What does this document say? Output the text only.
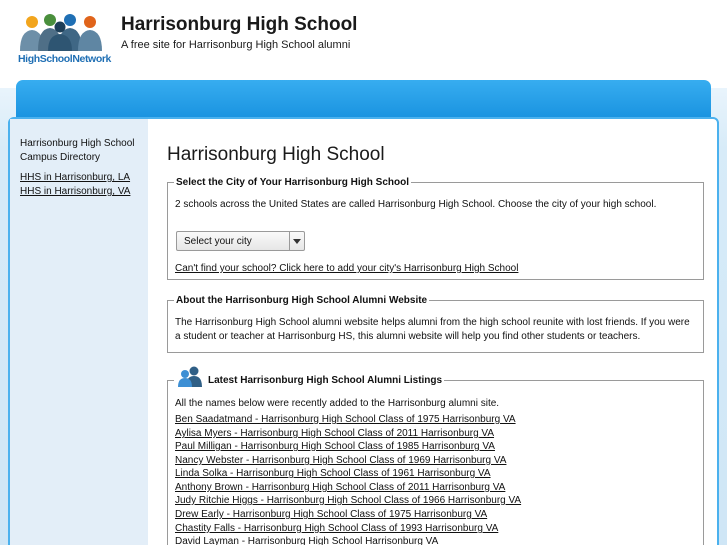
HighSchoolNetwork
Harrisonburg High School
A free site for Harrisonburg High School alumni
Harrisonburg High School Campus Directory
HHS in Harrisonburg, LA
HHS in Harrisonburg, VA
Harrisonburg High School
Select the City of Your Harrisonburg High School
2 schools across the United States are called Harrisonburg High School. Choose the city of your high school.
Select your city
Can't find your school? Click here to add your city's Harrisonburg High School
About the Harrisonburg High School Alumni Website
The Harrisonburg High School alumni website helps alumni from the high school reunite with lost friends. If you were a student or teacher at Harrisonburg HS, this alumni website will help you find other students or teachers.
Latest Harrisonburg High School Alumni Listings
All the names below were recently added to the Harrisonburg alumni site.
Ben Saadatmand - Harrisonburg High School Class of 1975 Harrisonburg VA
Aylisa Myers - Harrisonburg High School Class of 2011 Harrisonburg VA
Paul Milligan - Harrisonburg High School Class of 1985 Harrisonburg VA
Nancy Webster - Harrisonburg High School Class of 1969 Harrisonburg VA
Linda Solka - Harrisonburg High School Class of 1961 Harrisonburg VA
Anthony Brown - Harrisonburg High School Class of 2011 Harrisonburg VA
Judy Ritchie Higgs - Harrisonburg High School Class of 1966 Harrisonburg VA
Drew Early - Harrisonburg High School Class of 1975 Harrisonburg VA
Chastity Falls - Harrisonburg High School Class of 1993 Harrisonburg VA
David Layman - Harrisonburg High School Harrisonburg VA
